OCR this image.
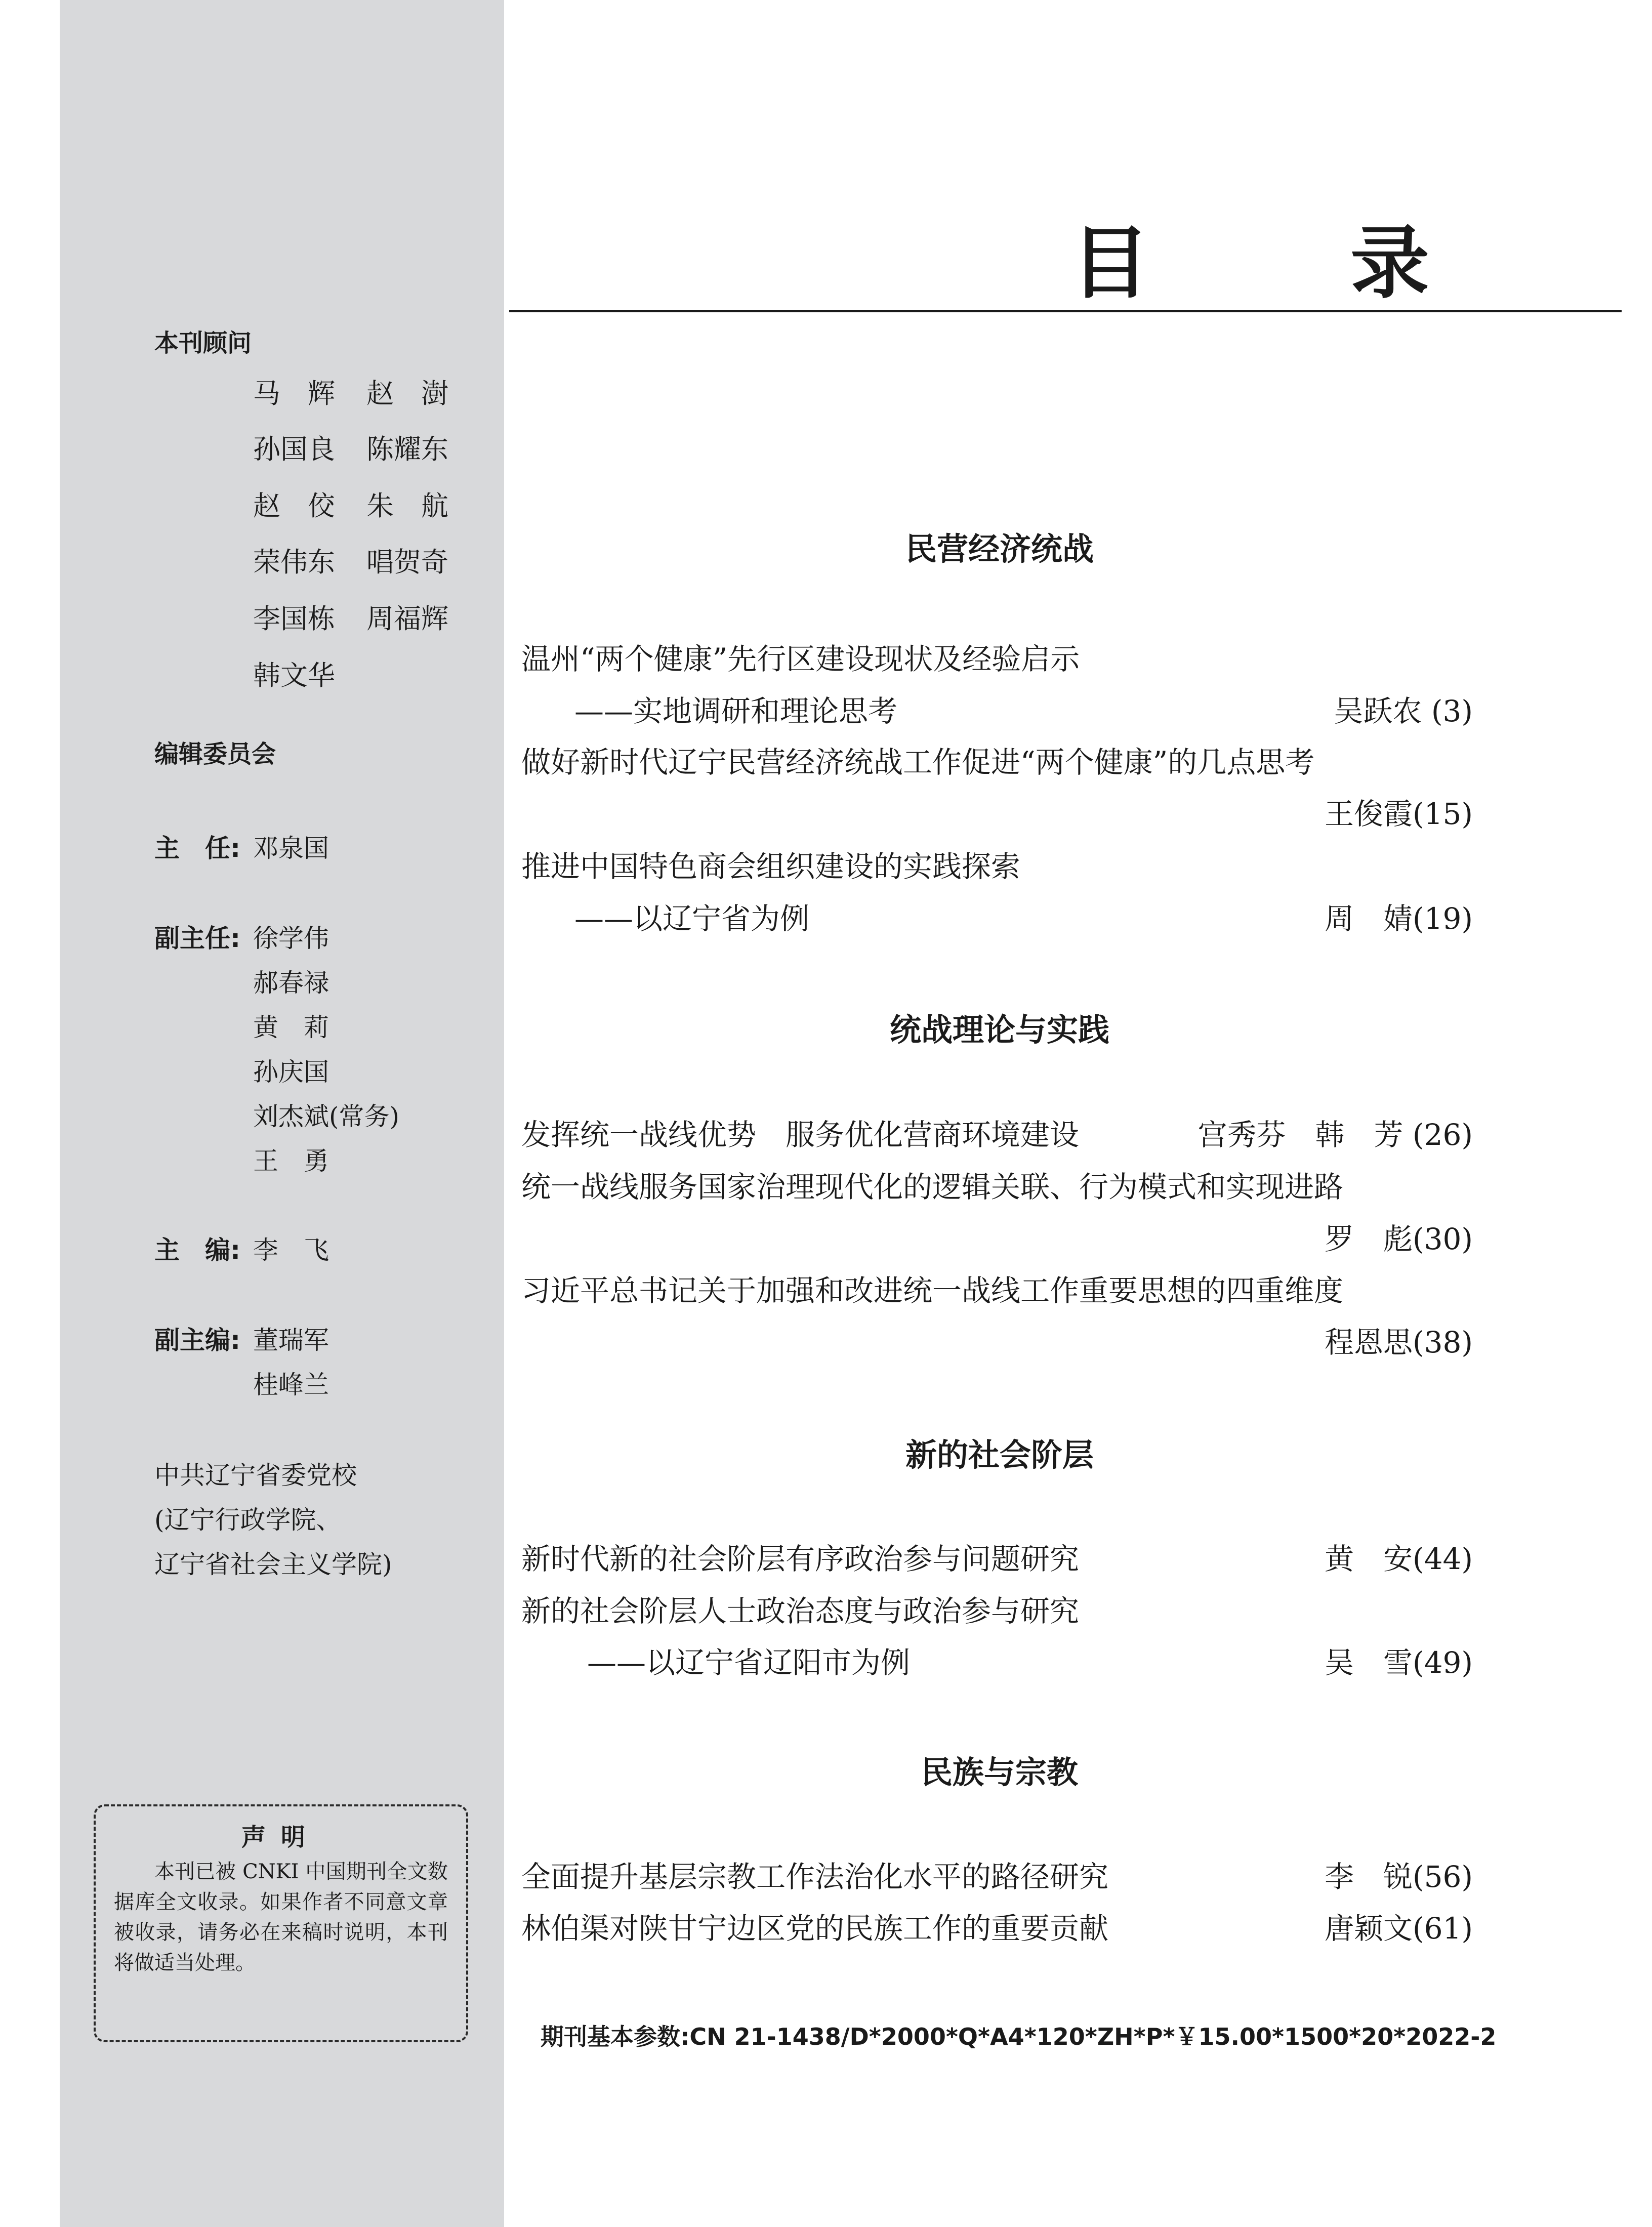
本刊顾问
马　辉 赵　澍
孙国良 陈耀东
赵　佼 朱　航
荣伟东 唱贺奇
李国栋 周福辉
韩文华
编辑委员会
主　任: 邓泉国
副主任: 徐学伟
郝春禄
黄　莉
孙庆国
刘杰斌(常务)
王　勇
主　编: 李　飞
副主编: 董瑞军
桂峰兰
中共辽宁省委党校
(辽宁行政学院、
辽宁省社会主义学院)
声明
本刊已被 CNKI 中国期刊全文数据库全文收录。如果作者不同意文章被收录，请务必在来稿时说明，本刊将做适当处理。
目　录
民营经济统战
温州“两个健康”先行区建设现状及经验启示
——实地调研和理论思考	吴跃农 (3)
做好新时代辽宁民营经济统战工作促进“两个健康”的几点思考
王俊霞(15)
推进中国特色商会组织建设的实践探索
——以辽宁省为例	周　婧(19)
统战理论与实践
发挥统一战线优势　服务优化营商环境建设	宫秀芬　韩　芳 (26)
统一战线服务国家治理现代化的逻辑关联、行为模式和实现进路
罗　彪(30)
习近平总书记关于加强和改进统一战线工作重要思想的四重维度
程恩思(38)
新的社会阶层
新时代新的社会阶层有序政治参与问题研究	黄　安(44)
新的社会阶层人士政治态度与政治参与研究
——以辽宁省辽阳市为例	吴　雪(49)
民族与宗教
全面提升基层宗教工作法治化水平的路径研究	李　锐(56)
林伯渠对陕甘宁边区党的民族工作的重要贡献	唐颖文(61)
期刊基本参数:CN 21-1438/D*2000*Q*A4*120*ZH*P*￥15.00*1500*20*2022-2
